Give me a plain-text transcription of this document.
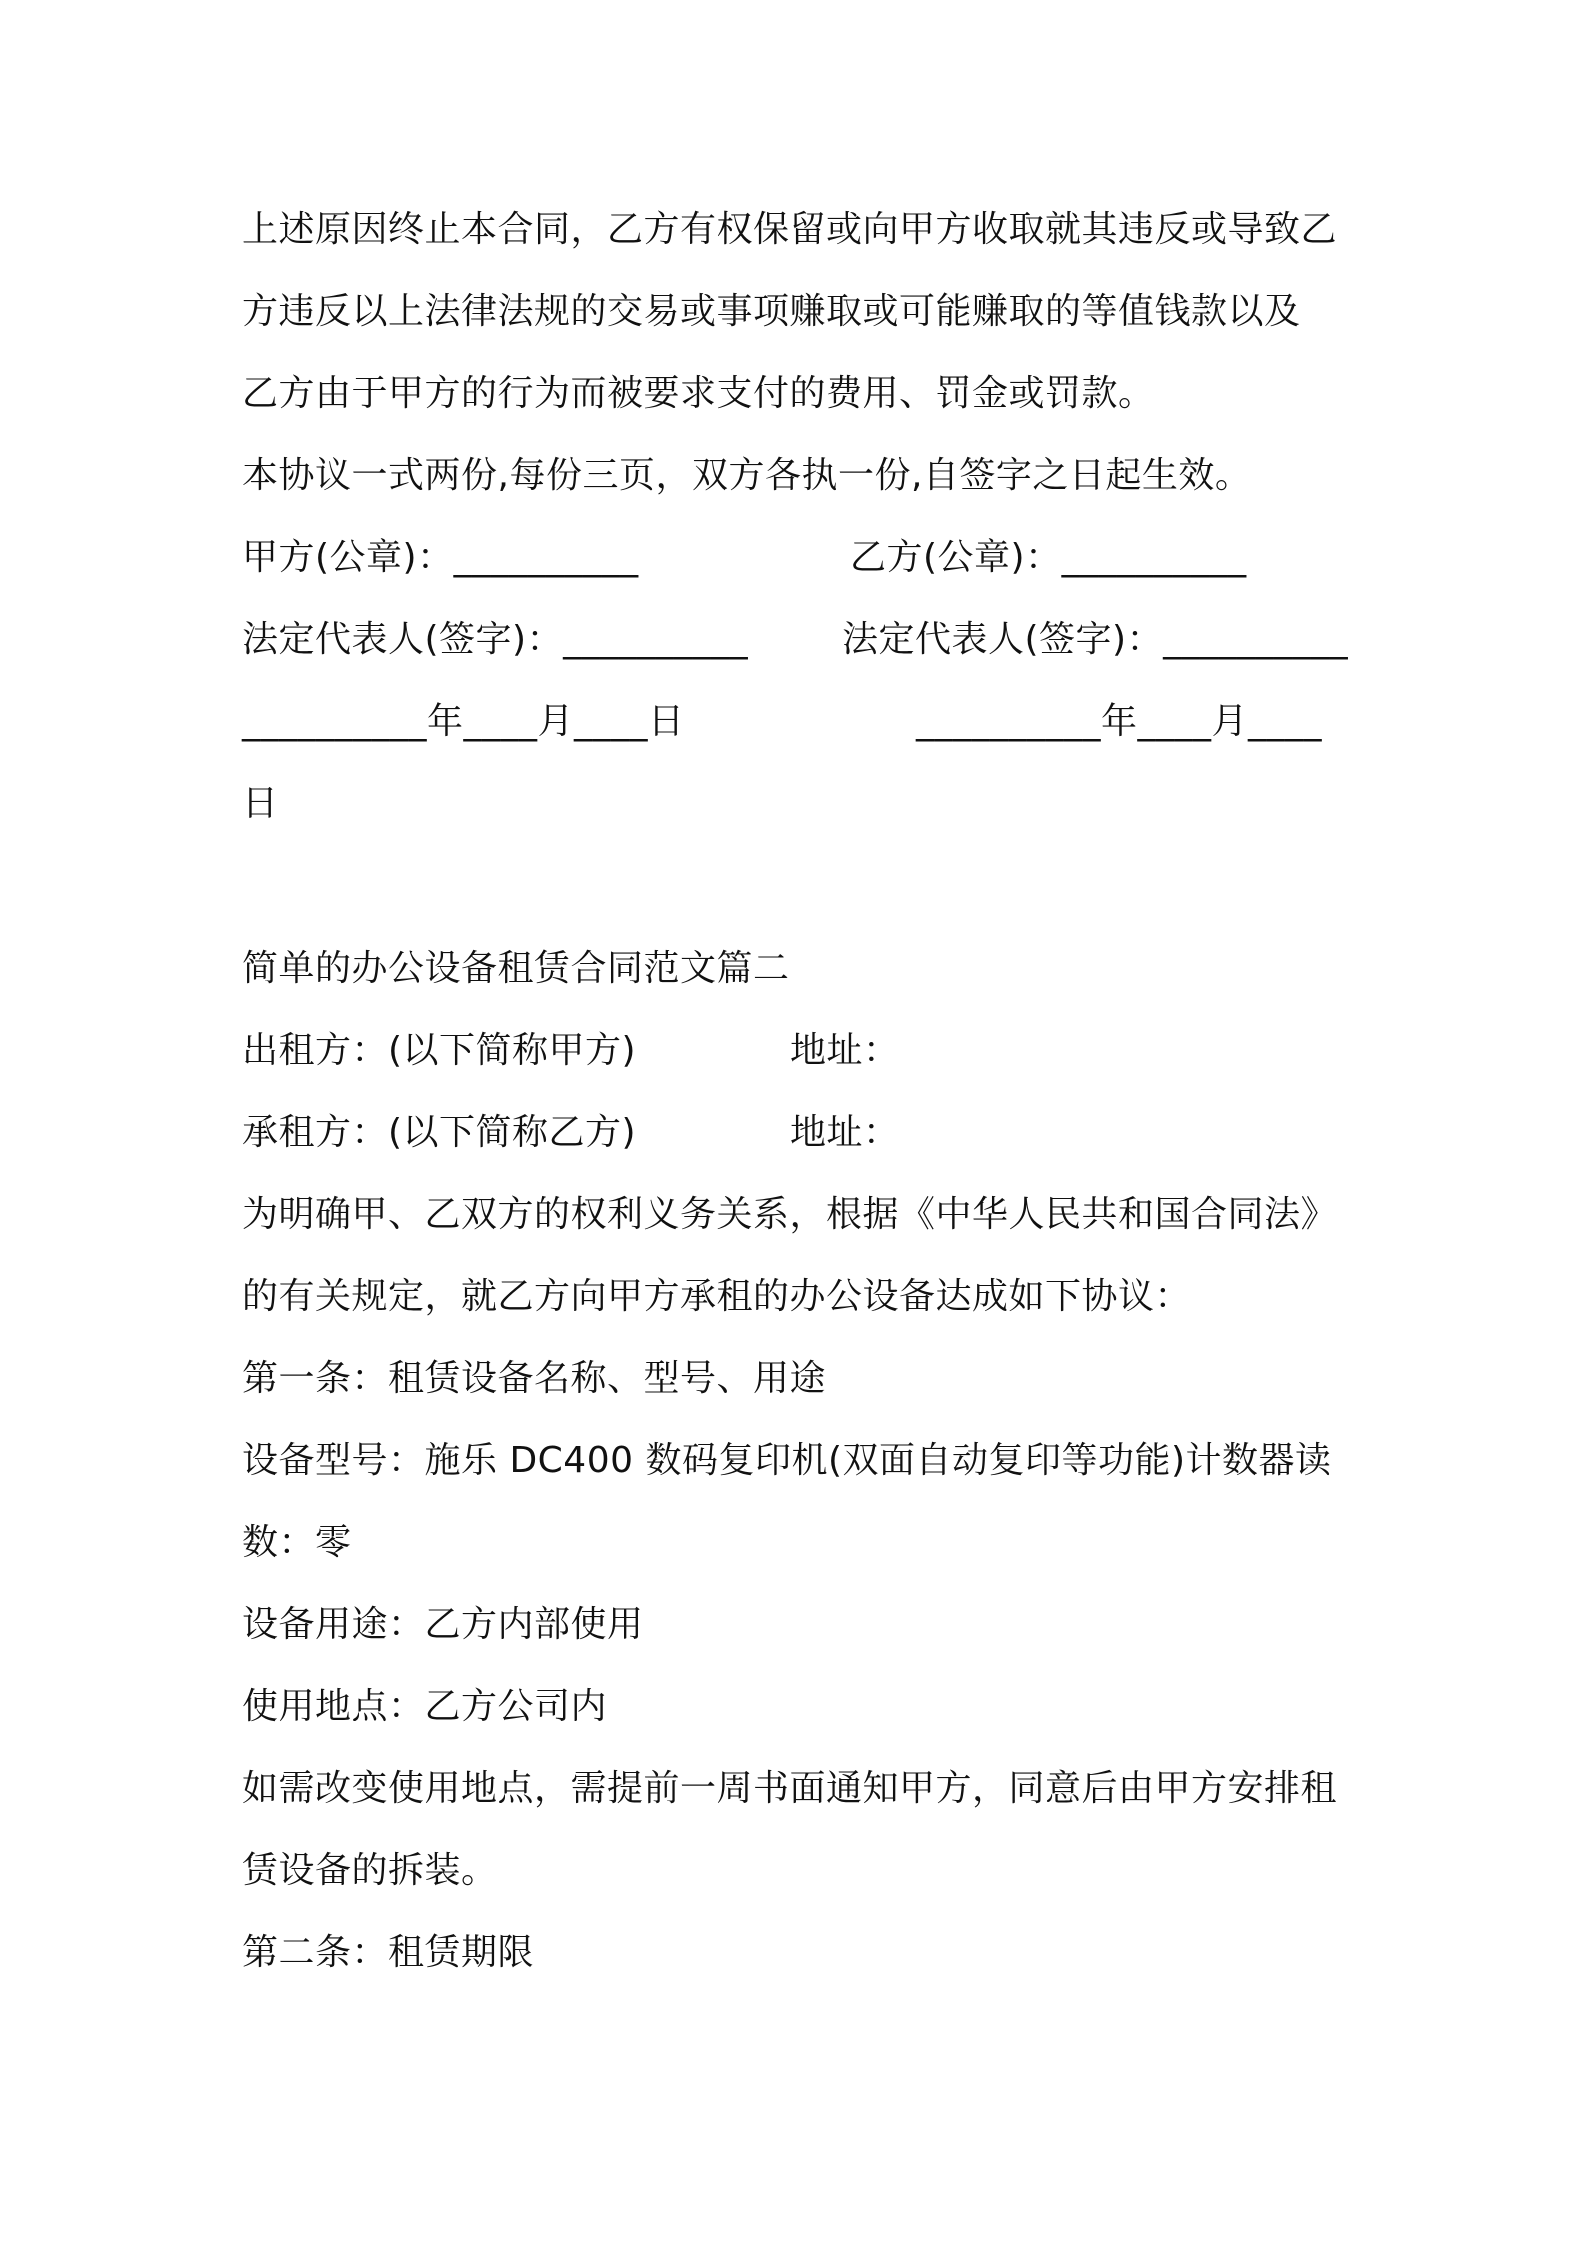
上述原因终止本合同，乙方有权保留或向甲方收取就其违反或导致乙
方违反以上法律法规的交易或事项赚取或可能赚取的等值钱款以及
乙方由于甲方的行为而被要求支付的费用、罚金或罚款。
本协议一式两份,每份三页，双方各执一份,自签字之日起生效。
甲方(公章)：__________	乙方(公章)：__________
法定代表人(签字)：__________	法定代表人(签字)：__________
__________年____月____日	__________年____月____
日
简单的办公设备租赁合同范文篇二
出租方：(以下简称甲方)	地址：
承租方：(以下简称乙方)	地址：
为明确甲、乙双方的权利义务关系，根据《中华人民共和国合同法》
的有关规定，就乙方向甲方承租的办公设备达成如下协议：
第一条：租赁设备名称、型号、用途
设备型号：施乐 DC400 数码复印机(双面自动复印等功能)计数器读
数：零
设备用途：乙方内部使用
使用地点：乙方公司内
如需改变使用地点，需提前一周书面通知甲方，同意后由甲方安排租
赁设备的拆装。
第二条：租赁期限
